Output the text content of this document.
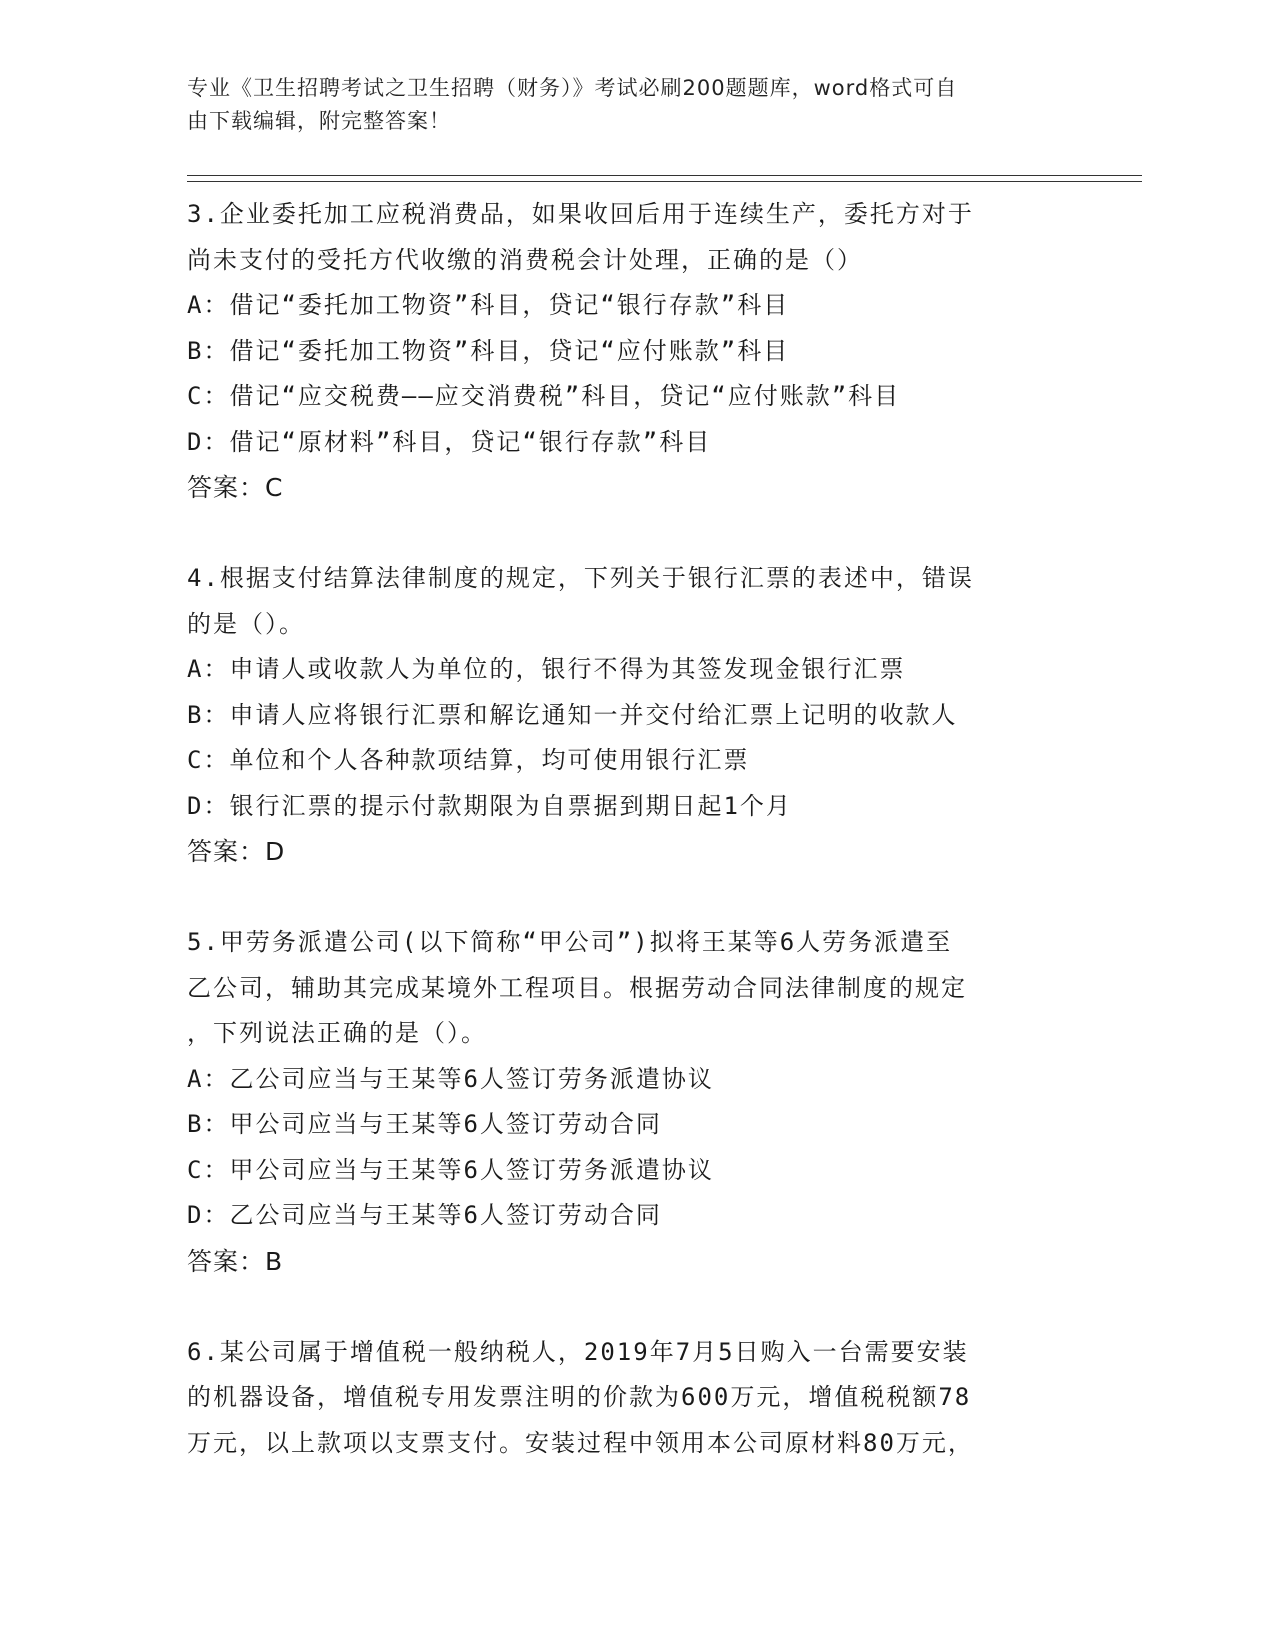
专业《卫生招聘考试之卫生招聘（财务）》考试必刷200题题库，word格式可自
由下载编辑，附完整答案！
3.企业委托加工应税消费品，如果收回后用于连续生产，委托方对于
尚未支付的受托方代收缴的消费税会计处理，正确的是（）
A：借记“委托加工物资”科目，贷记“银行存款”科目
B：借记“委托加工物资”科目，贷记“应付账款”科目
C：借记“应交税费——应交消费税”科目，贷记“应付账款”科目
D：借记“原材料”科目，贷记“银行存款”科目
答案：C
4.根据支付结算法律制度的规定，下列关于银行汇票的表述中，错误
的是（）。
A：申请人或收款人为单位的，银行不得为其签发现金银行汇票
B：申请人应将银行汇票和解讫通知一并交付给汇票上记明的收款人
C：单位和个人各种款项结算，均可使用银行汇票
D：银行汇票的提示付款期限为自票据到期日起1个月
答案：D
5.甲劳务派遣公司(以下简称“甲公司”)拟将王某等6人劳务派遣至
乙公司，辅助其完成某境外工程项目。根据劳动合同法律制度的规定
，下列说法正确的是（）。
A：乙公司应当与王某等6人签订劳务派遣协议
B：甲公司应当与王某等6人签订劳动合同
C：甲公司应当与王某等6人签订劳务派遣协议
D：乙公司应当与王某等6人签订劳动合同
答案：B
6.某公司属于增值税一般纳税人，2019年7月5日购入一台需要安装
的机器设备，增值税专用发票注明的价款为600万元，增值税税额78
万元，以上款项以支票支付。安装过程中领用本公司原材料80万元，
